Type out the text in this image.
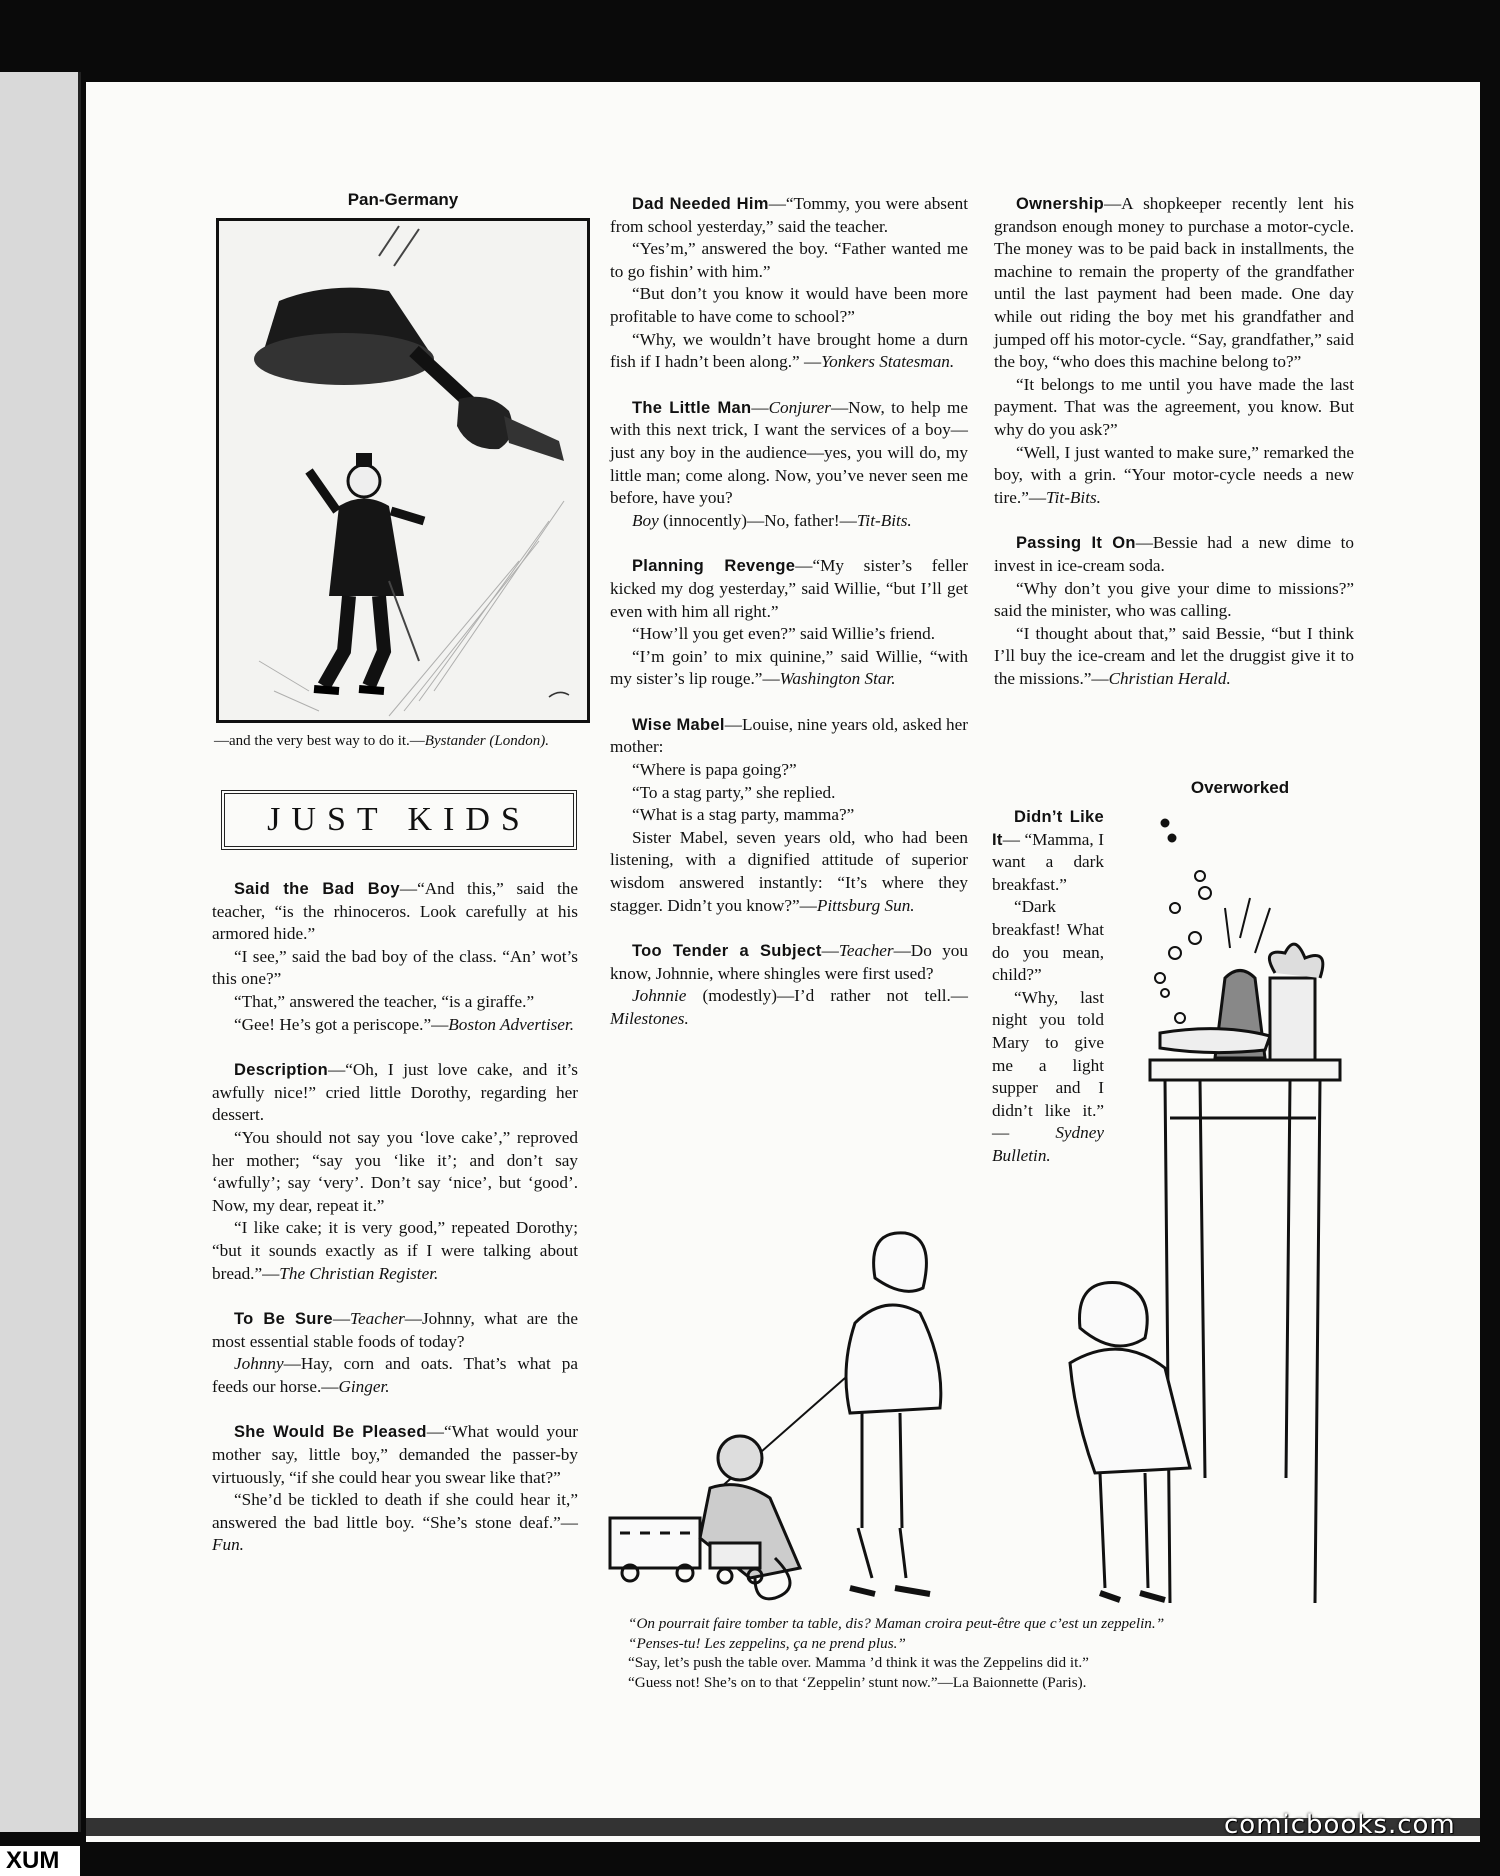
Pan-Germany
—and the very best way to do it.—Bystander (London).
JUST KIDS

Said the Bad Boy—“And this,” said the teacher, “is the rhinoceros. Look carefully at his armored hide.”

“I see,” said the bad boy of the class. “An’ wot’s this one?”

“That,” answered the teacher, “is a giraffe.”

“Gee! He’s got a periscope.”—Boston Advertiser.

Description—“Oh, I just love cake, and it’s awfully nice!” cried little Dorothy, regarding her dessert.

“You should not say you ‘love cake’,” reproved her mother; “say you ‘like it’; and don’t say ‘awfully’; say ‘very’. Don’t say ‘nice’, but ‘good’. Now, my dear, repeat it.”

“I like cake; it is very good,” repeated Dorothy; “but it sounds exactly as if I were talking about bread.”—The Christian Register.

To Be Sure—Teacher—Johnny, what are the most essential stable foods of today?

Johnny—Hay, corn and oats. That’s what pa feeds our horse.—Ginger.

She Would Be Pleased—“What would your mother say, little boy,” demanded the passer-by virtuously, “if she could hear you swear like that?”

“She’d be tickled to death if she could hear it,” answered the bad little boy. “She’s stone deaf.”—Fun.

Dad Needed Him—“Tommy, you were absent from school yesterday,” said the teacher.

“Yes’m,” answered the boy. “Father wanted me to go fishin’ with him.”

“But don’t you know it would have been more profitable to have come to school?”

“Why, we wouldn’t have brought home a durn fish if I hadn’t been along.” —Yonkers Statesman.

The Little Man—Conjurer—Now, to help me with this next trick, I want the services of a boy—just any boy in the audience—yes, you will do, my little man; come along. Now, you’ve never seen me before, have you?

Boy (innocently)—No, father!—Tit-Bits.

Planning Revenge—“My sister’s feller kicked my dog yesterday,” said Willie, “but I’ll get even with him all right.”

“How’ll you get even?” said Willie’s friend.

“I’m goin’ to mix quinine,” said Willie, “with my sister’s lip rouge.”—Washington Star.

Wise Mabel—Louise, nine years old, asked her mother:

“Where is papa going?”

“To a stag party,” she replied.

“What is a stag party, mamma?”

Sister Mabel, seven years old, who had been listening, with a dignified attitude of superior wisdom answered instantly: “It’s where they stagger. Didn’t you know?”—Pittsburg Sun.

Too Tender a Subject—Teacher—Do you know, Johnnie, where shingles were first used?

Johnnie (modestly)—I’d rather not tell.—Milestones.

Ownership—A shopkeeper recently lent his grandson enough money to purchase a motor-cycle. The money was to be paid back in installments, the machine to remain the property of the grandfather until the last payment had been made. One day while out riding the boy met his grandfather and jumped off his motor-cycle. “Say, grandfather,” said the boy, “who does this machine belong to?”

“It belongs to me until you have made the last payment. That was the agreement, you know. But why do you ask?”

“Well, I just wanted to make sure,” remarked the boy, with a grin. “Your motor-cycle needs a new tire.”—Tit-Bits.

Passing It On—Bessie had a new dime to invest in ice-cream soda.

“Why don’t you give your dime to missions?” said the minister, who was calling.

“I thought about that,” said Bessie, “but I think I’ll buy the ice-cream and let the druggist give it to the missions.”—Christian Herald.

Overworked

Didn’t Like It— “Mamma, I want a dark breakfast.”

“Dark breakfast! What do you mean, child?”

“Why, last night you told Mary to give me a light supper and I didn’t like it.” — Sydney Bulletin.

“On pourrait faire tomber ta table, dis? Maman croira peut-être que c’est un zeppelin.”
“Penses-tu! Les zeppelins, ça ne prend plus.”
“Say, let’s push the table over. Mamma ’d think it was the Zeppelins did it.”
“Guess not! She’s on to that ‘Zeppelin’ stunt now.”—La Baionnette (Paris).
comicbooks.com
XUM
